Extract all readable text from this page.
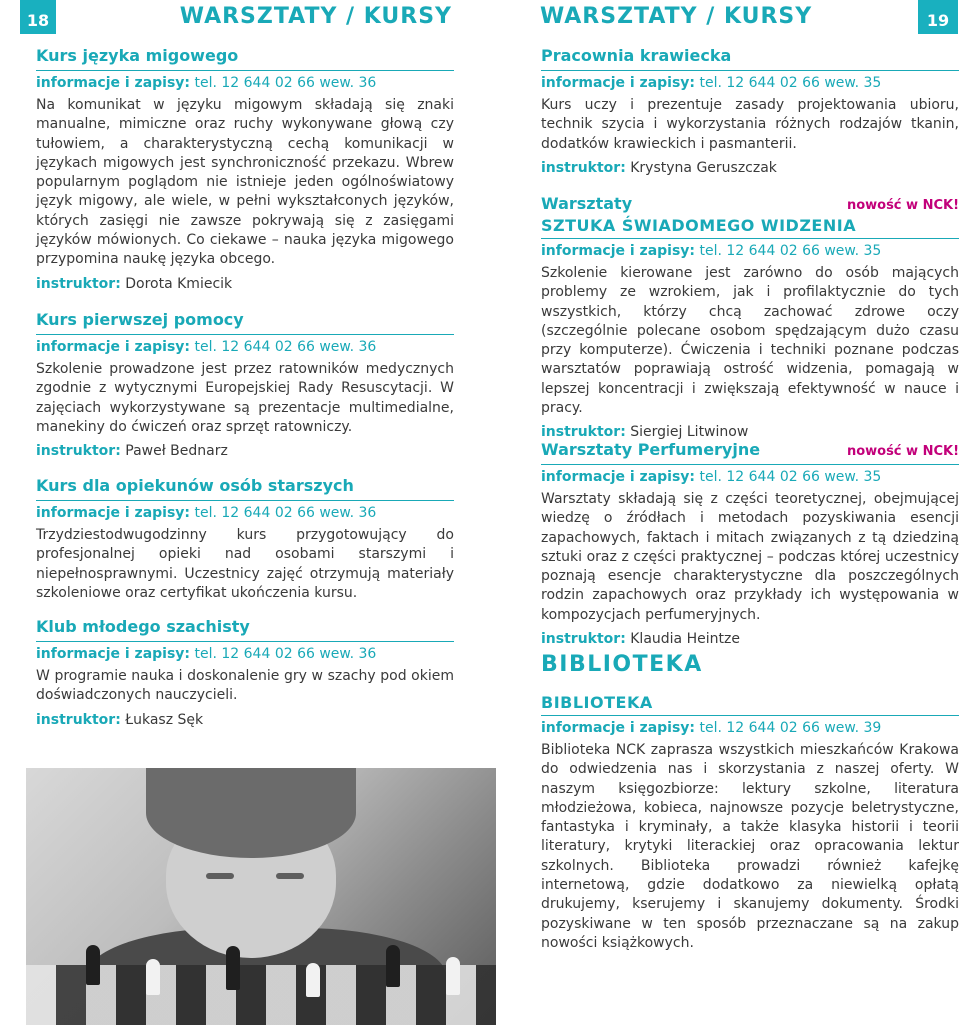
18	WARSZTATY / KURSY	WARSZTATY / KURSY	19
Kurs języka migowego
informacje i zapisy: tel. 12 644 02 66 wew. 36
Na komunikat w języku migowym składają się znaki manualne, mimiczne oraz ruchy wykonywane głową czy tułowiem, a charakterystyczną cechą komunikacji w językach migowych jest synchroniczność przekazu. Wbrew popularnym poglądom nie istnieje jeden ogólnoświatowy język migowy, ale wiele, w pełni wykształconych języków, których zasięgi nie zawsze pokrywają się z zasięgami języków mówionych. Co ciekawe – nauka języka migowego przypomina naukę języka obcego.
instruktor: Dorota Kmiecik
Kurs pierwszej pomocy
informacje i zapisy: tel. 12 644 02 66 wew. 36
Szkolenie prowadzone jest przez ratowników medycznych zgodnie z wytycznymi Europejskiej Rady Resuscytacji. W zajęciach wykorzystywane są prezentacje multimedialne, manekiny do ćwiczeń oraz sprzęt ratowniczy.
instruktor: Paweł Bednarz
Kurs dla opiekunów osób starszych
informacje i zapisy: tel. 12 644 02 66 wew. 36
Trzydziestodwugodzinny kurs przygotowujący do profesjonalnej opieki nad osobami starszymi i niepełnosprawnymi. Uczestnicy zajęć otrzymują materiały szkoleniowe oraz certyfikat ukończenia kursu.
Klub młodego szachisty
informacje i zapisy: tel. 12 644 02 66 wew. 36
W programie nauka i doskonalenie gry w szachy pod okiem doświadczonych nauczycieli.
instruktor: Łukasz Sęk
Pracownia krawiecka
informacje i zapisy: tel. 12 644 02 66 wew. 35
Kurs uczy i prezentuje zasady projektowania ubioru, technik szycia i wykorzystania różnych rodzajów tkanin, dodatków krawieckich i pasmanterii.
instruktor: Krystyna Geruszczak
Warsztaty	nowość w NCK!
SZTUKA ŚWIADOMEGO WIDZENIA
informacje i zapisy: tel. 12 644 02 66 wew. 35
Szkolenie kierowane jest zarówno do osób mających problemy ze wzrokiem, jak i profilaktycznie do tych wszystkich, którzy chcą zachować zdrowe oczy (szczególnie polecane osobom spędzającym dużo czasu przy komputerze). Ćwiczenia i techniki poznane podczas warsztatów poprawiają ostrość widzenia, pomagają w lepszej koncentracji i zwiększają efektywność w nauce i pracy.
instruktor: Siergiej Litwinow
Warsztaty Perfumeryjne	nowość w NCK!
informacje i zapisy: tel. 12 644 02 66 wew. 35
Warsztaty składają się z części teoretycznej, obejmującej wiedzę o źródłach i metodach pozyskiwania esencji zapachowych, faktach i mitach związanych z tą dziedziną sztuki oraz z części praktycznej – podczas której uczestnicy poznają esencje charakterystyczne dla poszczególnych rodzin zapachowych oraz przykłady ich występowania w kompozycjach perfumeryjnych.
instruktor: Klaudia Heintze
BIBLIOTEKA
BIBLIOTEKA
informacje i zapisy: tel. 12 644 02 66 wew. 39
Biblioteka NCK zaprasza wszystkich mieszkańców Krakowa do odwiedzenia nas i skorzystania z naszej oferty. W naszym księgozbiorze: lektury szkolne, literatura młodzieżowa, kobieca, najnowsze pozycje beletrystyczne, fantastyka i kryminały, a także klasyka historii i teorii literatury, krytyki literackiej oraz opracowania lektur szkolnych. Biblioteka prowadzi również kafejkę internetową, gdzie dodatkowo za niewielką opłatą drukujemy, kserujemy i skanujemy dokumenty. Środki pozyskiwane w ten sposób przeznaczane są na zakup nowości książkowych.
